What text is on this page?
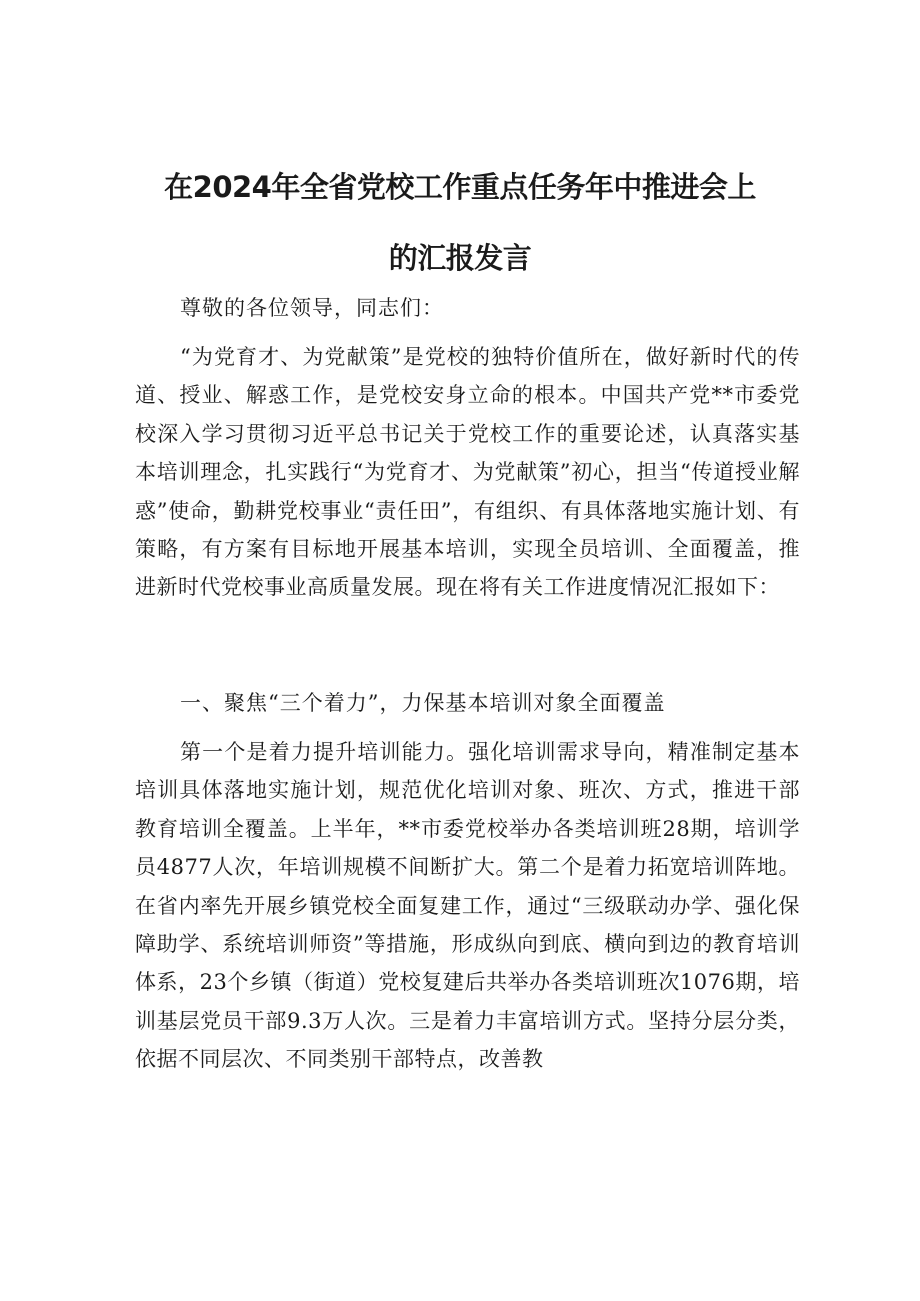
在2024年全省党校工作重点任务年中推进会上
的汇报发言
尊敬的各位领导，同志们：

“为党育才、为党献策”是党校的独特价值所在，做好新时代的传道、授业、解惑工作，是党校安身立命的根本。中国共产党**市委党校深入学习贯彻习近平总书记关于党校工作的重要论述，认真落实基本培训理念，扎实践行“为党育才、为党献策”初心，担当“传道授业解惑”使命，勤耕党校事业“责任田”，有组织、有具体落地实施计划、有策略，有方案有目标地开展基本培训，实现全员培训、全面覆盖，推进新时代党校事业高质量发展。现在将有关工作进度情况汇报如下：

一、聚焦“三个着力”，力保基本培训对象全面覆盖

第一个是着力提升培训能力。强化培训需求导向，精准制定基本培训具体落地实施计划，规范优化培训对象、班次、方式，推进干部教育培训全覆盖。上半年，**市委党校举办各类培训班28期，培训学员4877人次，年培训规模不间断扩大。第二个是着力拓宽培训阵地。在省内率先开展乡镇党校全面复建工作，通过“三级联动办学、强化保障助学、系统培训师资”等措施，形成纵向到底、横向到边的教育培训体系，23个乡镇（街道）党校复建后共举办各类培训班次1076期，培训基层党员干部9.3万人次。三是着力丰富培训方式。坚持分层分类，依据不同层次、不同类别干部特点，改善教
